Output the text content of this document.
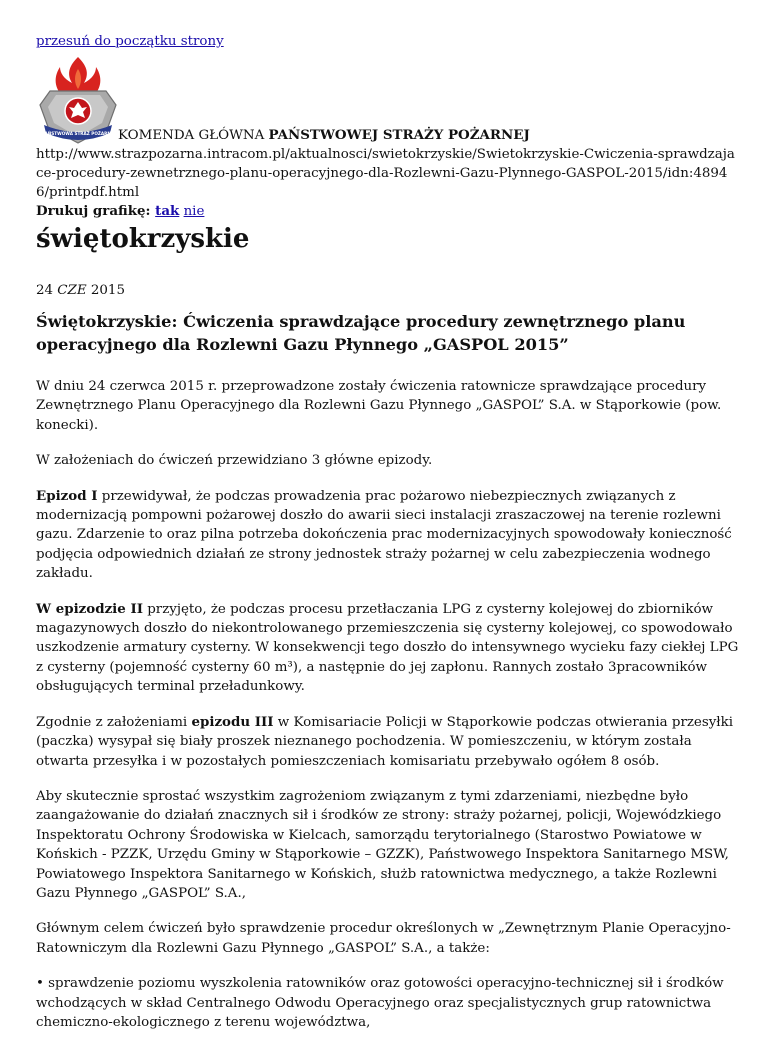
przesuń do początku strony
PAŃSTWOWA STRAŻ POŻARNA KOMENDA GŁÓWNA PAŃSTWOWEJ STRAŻY POŻARNEJ
http://www.strazpozarna.intracom.pl/aktualnosci/swietokrzyskie/Swietokrzyskie-Cwiczenia-sprawdzajace-procedury-zewnetrznego-planu-operacyjnego-dla-Rozlewni-Gazu-Plynnego-GASPOL-2015/idn:48946/printpdf.html
Drukuj grafikę: tak nie
świętokrzyskie
24 CZE 2015
Świętokrzyskie: Ćwiczenia sprawdzające procedury zewnętrznego planu operacyjnego dla Rozlewni Gazu Płynnego „GASPOL 2015”

W dniu 24 czerwca 2015 r. przeprowadzone zostały ćwiczenia ratownicze sprawdzające procedury Zewnętrznego Planu Operacyjnego dla Rozlewni Gazu Płynnego „GASPOL” S.A. w Stąporkowie (pow. konecki).

W założeniach do ćwiczeń przewidziano 3 główne epizody.

Epizod I przewidywał, że podczas prowadzenia prac pożarowo niebezpiecznych związanych z modernizacją pompowni pożarowej doszło do awarii sieci instalacji zraszaczowej na terenie rozlewni gazu. Zdarzenie to oraz pilna potrzeba dokończenia prac modernizacyjnych spowodowały konieczność podjęcia odpowiednich działań ze strony jednostek straży pożarnej w celu zabezpieczenia wodnego zakładu.

W epizodzie II przyjęto, że podczas procesu przetłaczania LPG z cysterny kolejowej do zbiorników magazynowych doszło do niekontrolowanego przemieszczenia się cysterny kolejowej, co spowodowało uszkodzenie armatury cysterny. W konsekwencji tego doszło do intensywnego wycieku fazy ciekłej LPG z cysterny (pojemność cysterny 60 m³), a następnie do jej zapłonu. Rannych zostało 3pracowników obsługujących terminal przeładunkowy.

Zgodnie z założeniami epizodu III w Komisariacie Policji w Stąporkowie podczas otwierania przesyłki (paczka) wysypał się biały proszek nieznanego pochodzenia. W pomieszczeniu, w którym została otwarta przesyłka i w pozostałych pomieszczeniach komisariatu przebywało ogółem 8 osób.

Aby skutecznie sprostać wszystkim zagrożeniom związanym z tymi zdarzeniami, niezbędne było zaangażowanie do działań znacznych sił i środków ze strony: straży pożarnej, policji, Wojewódzkiego Inspektoratu Ochrony Środowiska w Kielcach, samorządu terytorialnego (Starostwo Powiatowe w Końskich - PZZK, Urzędu Gminy w Stąporkowie – GZZK), Państwowego Inspektora Sanitarnego MSW, Powiatowego Inspektora Sanitarnego w Końskich, służb ratownictwa medycznego, a także Rozlewni Gazu Płynnego „GASPOL” S.A.,

Głównym celem ćwiczeń było sprawdzenie procedur określonych w „Zewnętrznym Planie Operacyjno-Ratowniczym dla Rozlewni Gazu Płynnego „GASPOL” S.A., a także:

• sprawdzenie poziomu wyszkolenia ratowników oraz gotowości operacyjno-technicznej sił i środków wchodzących w skład Centralnego Odwodu Operacyjnego oraz specjalistycznych grup ratownictwa chemiczno-ekologicznego z terenu województwa,
